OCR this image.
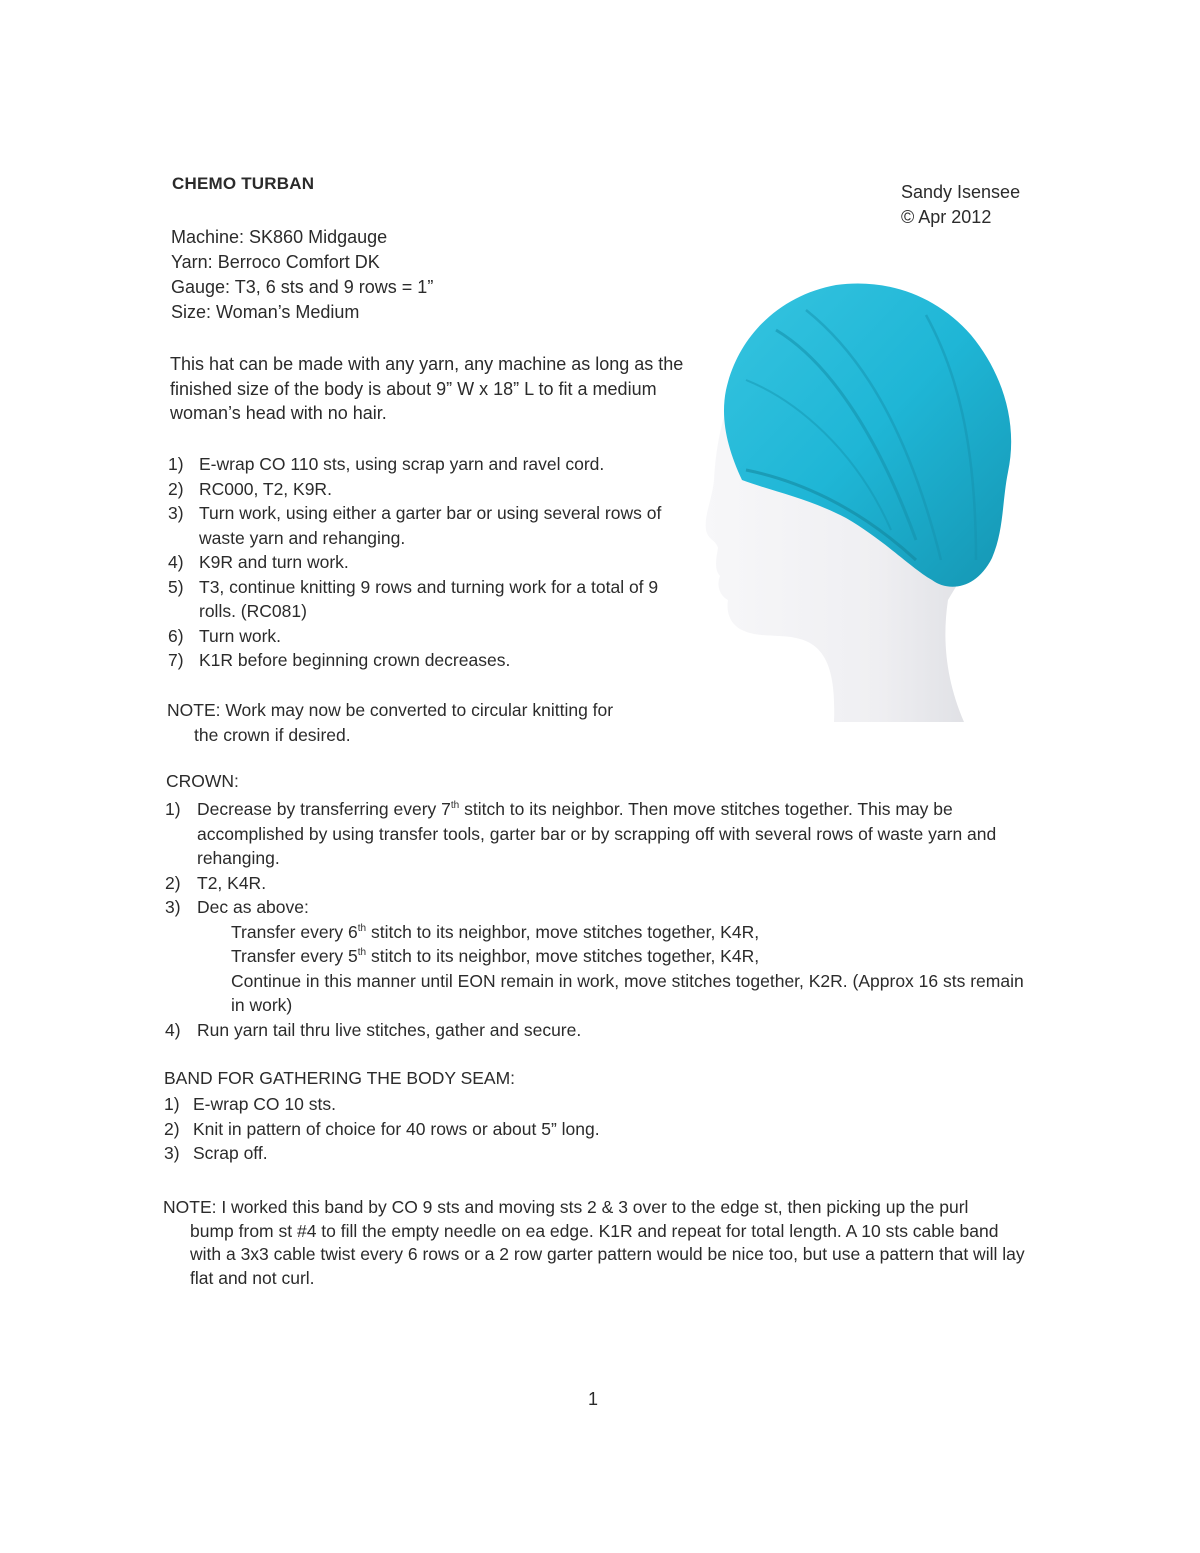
CHEMO TURBAN	Sandy Isensee
© Apr 2012
Machine: SK860 Midgauge
Yarn: Berroco Comfort DK
Gauge: T3, 6 sts and 9 rows = 1”
Size: Woman’s Medium
This hat can be made with any yarn, any machine as long as the finished size of the body is about 9” W x 18” L to fit a medium woman’s head with no hair.
1) E-wrap CO 110 sts, using scrap yarn and ravel cord.
2) RC000, T2, K9R.
3) Turn work, using either a garter bar or using several rows of waste yarn and rehanging.
4) K9R and turn work.
5) T3, continue knitting 9 rows and turning work for a total of 9 rolls. (RC081)
6) Turn work.
7) K1R before beginning crown decreases.
NOTE: Work may now be converted to circular knitting for
the crown if desired.
CROWN:
1) Decrease by transferring every 7th stitch to its neighbor. Then move stitches together. This may be accomplished by using transfer tools, garter bar or by scrapping off with several rows of waste yarn and rehanging.
2) T2, K4R.
3) Dec as above:
Transfer every 6th stitch to its neighbor, move stitches together, K4R,
Transfer every 5th stitch to its neighbor, move stitches together, K4R,
Continue in this manner until EON remain in work, move stitches together, K2R. (Approx 16 sts remain in work)
4) Run yarn tail thru live stitches, gather and secure.
BAND FOR GATHERING THE BODY SEAM:
1) E-wrap CO 10 sts.
2) Knit in pattern of choice for 40 rows or about 5” long.
3) Scrap off.
NOTE: I worked this band by CO 9 sts and moving sts 2 & 3 over to the edge st, then picking up the purl
bump from st #4 to fill the empty needle on ea edge. K1R and repeat for total length. A 10 sts cable band with a 3x3 cable twist every 6 rows or a 2 row garter pattern would be nice too, but use a pattern that will lay flat and not curl.
1
